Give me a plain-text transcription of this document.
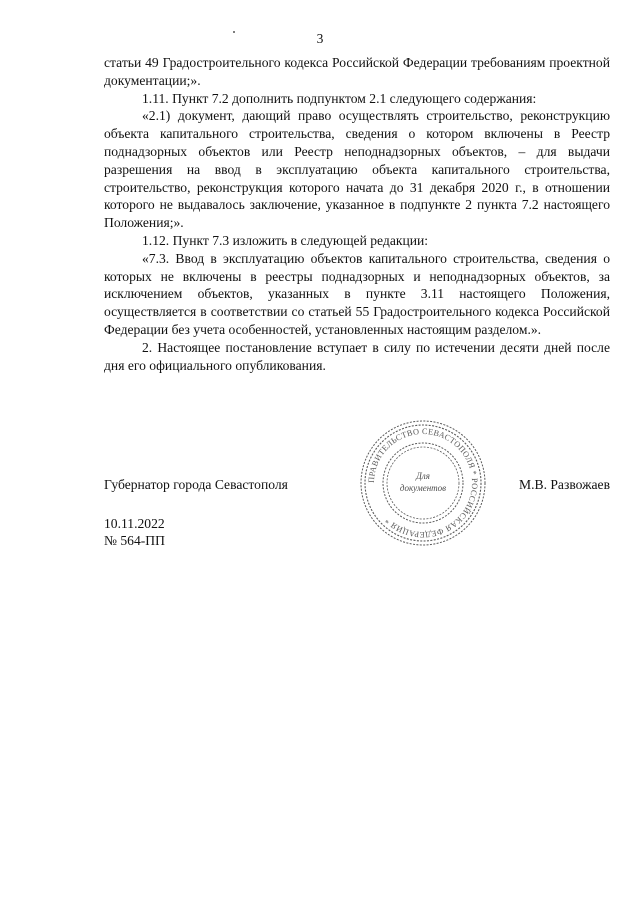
3

статьи 49 Градостроительного кодекса Российской Федерации требованиям проектной документации;».

1.11. Пункт 7.2 дополнить подпунктом 2.1 следующего содержания:

«2.1) документ, дающий право осуществлять строительство, реконструкцию объекта капитального строительства, сведения о котором включены в Реестр поднадзорных объектов или Реестр неподнадзорных объектов, – для выдачи разрешения на ввод в эксплуатацию объекта капитального строительства, строительство, реконструкция которого начата до 31 декабря 2020 г., в отношении которого не выдавалось заключение, указанное в подпункте 2 пункта 7.2 настоящего Положения;».

1.12. Пункт 7.3 изложить в следующей редакции:

«7.3. Ввод в эксплуатацию объектов капитального строительства, сведения о которых не включены в реестры поднадзорных и неподнадзорных объектов, за исключением объектов, указанных в пункте 3.11 настоящего Положения, осуществляется в соответствии со статьей 55 Градостроительного кодекса Российской Федерации без учета особенностей, установленных настоящим разделом.».

2. Настоящее постановление вступает в силу по истечении десяти дней после дня его официального опубликования.

Губернатор города Севастополя	М.В. Развожаев
ПРАВИТЕЛЬСТВО СЕВАСТОПОЛЯ * РОССИЙСКАЯ ФЕДЕРАЦИЯ *
Для
документов
10.11.2022
№ 564-ПП
